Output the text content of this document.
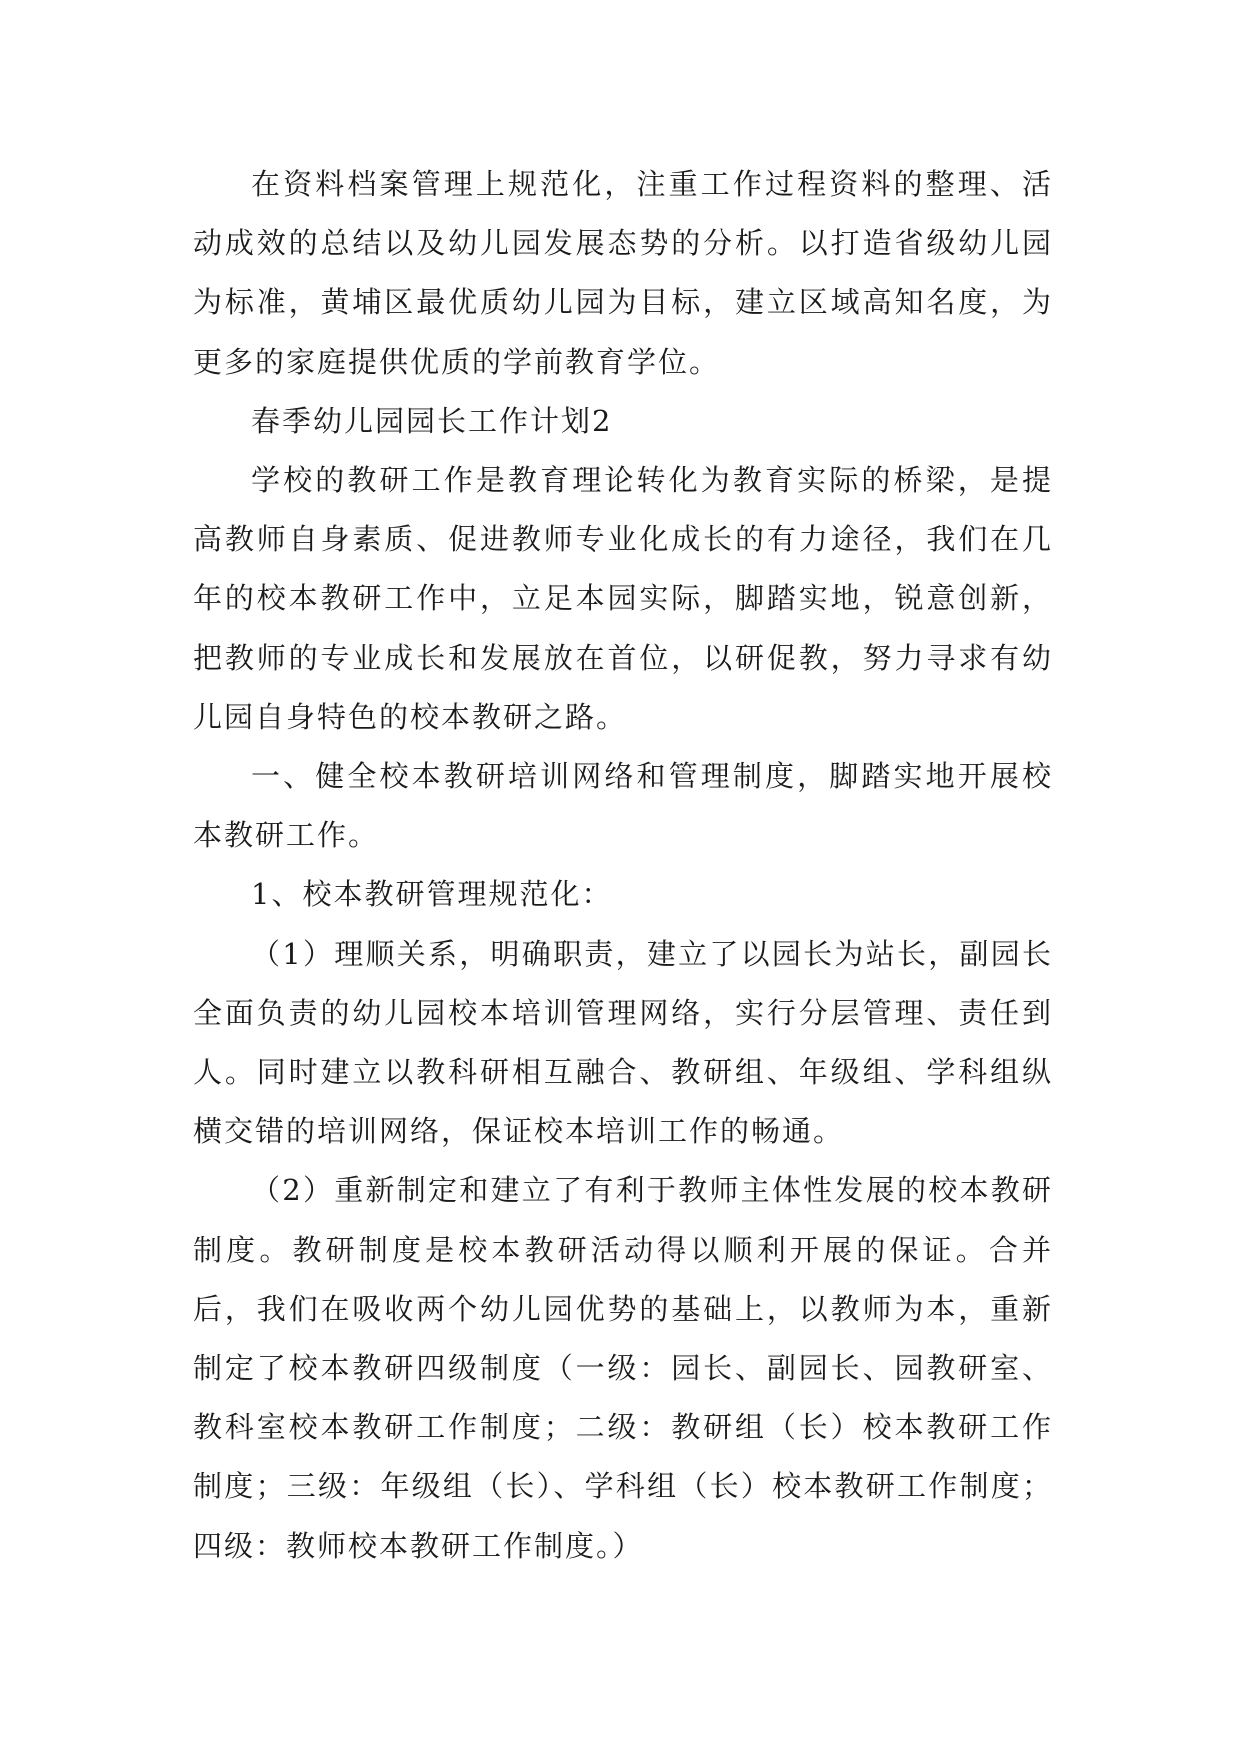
在资料档案管理上规范化，注重工作过程资料的整理、活动成效的总结以及幼儿园发展态势的分析。以打造省级幼儿园为标准，黄埔区最优质幼儿园为目标，建立区域高知名度，为更多的家庭提供优质的学前教育学位。

春季幼儿园园长工作计划2

学校的教研工作是教育理论转化为教育实际的桥梁，是提高教师自身素质、促进教师专业化成长的有力途径，我们在几年的校本教研工作中，立足本园实际，脚踏实地，锐意创新，把教师的专业成长和发展放在首位，以研促教，努力寻求有幼儿园自身特色的校本教研之路。

一、健全校本教研培训网络和管理制度，脚踏实地开展校本教研工作。

1、校本教研管理规范化：

（1）理顺关系，明确职责，建立了以园长为站长，副园长全面负责的幼儿园校本培训管理网络，实行分层管理、责任到人。同时建立以教科研相互融合、教研组、年级组、学科组纵横交错的培训网络，保证校本培训工作的畅通。

（2）重新制定和建立了有利于教师主体性发展的校本教研制度。教研制度是校本教研活动得以顺利开展的保证。合并后，我们在吸收两个幼儿园优势的基础上，以教师为本，重新制定了校本教研四级制度（一级：园长、副园长、园教研室、教科室校本教研工作制度；二级：教研组（长）校本教研工作制度；三级：年级组（长）、学科组（长）校本教研工作制度；四级：教师校本教研工作制度。）
